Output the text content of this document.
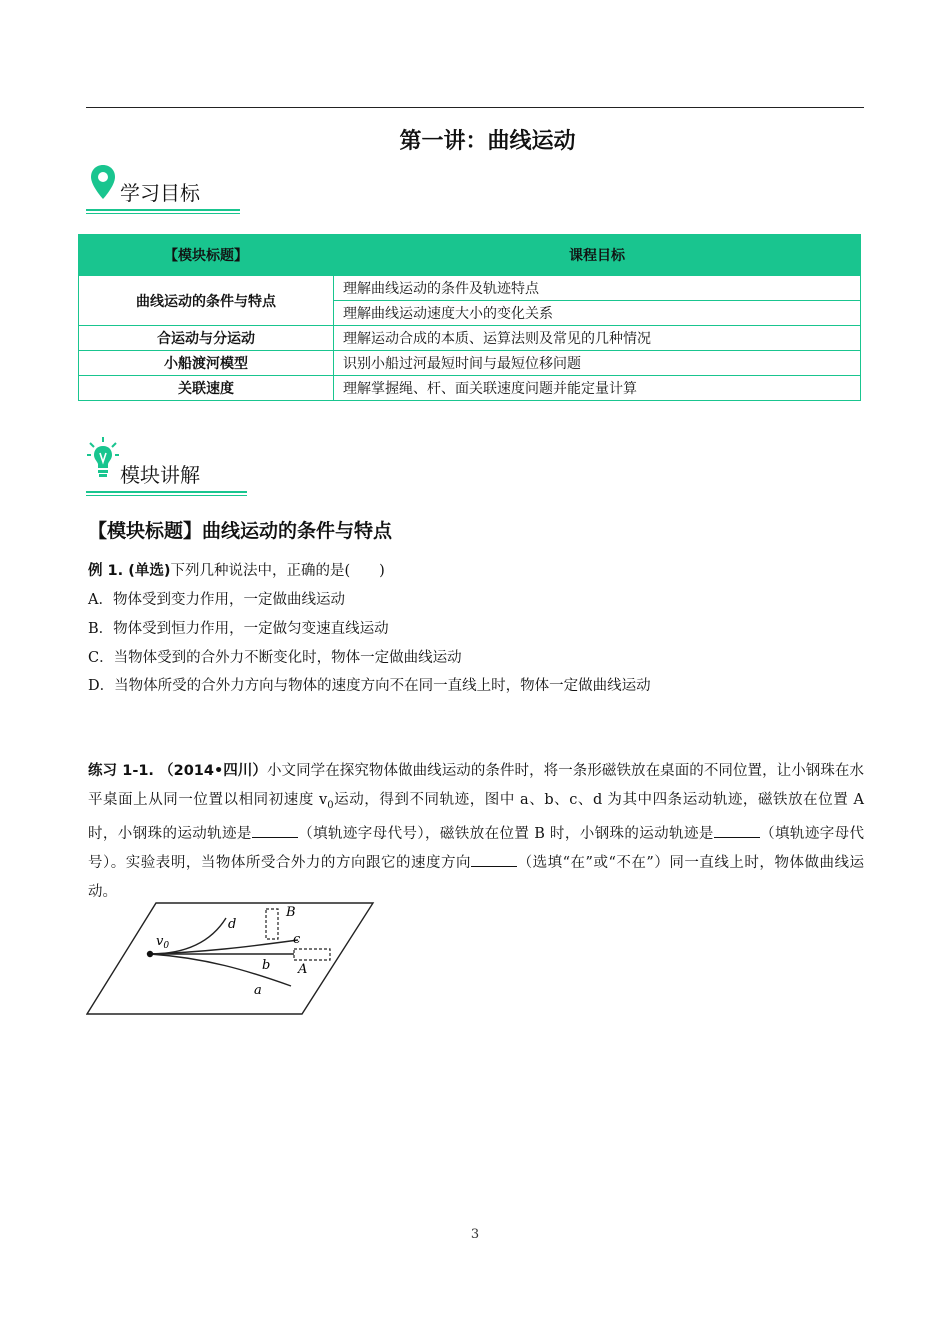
第一讲：曲线运动
学习目标
【模块标题】	课程目标
曲线运动的条件与特点	理解曲线运动的条件及轨迹特点
	理解曲线运动速度大小的变化关系
合运动与分运动	理解运动合成的本质、运算法则及常见的几种情况
小船渡河模型	识别小船过河最短时间与最短位移问题
关联速度	理解掌握绳、杆、面关联速度问题并能定量计算
模块讲解
【模块标题】曲线运动的条件与特点
例 1. (单选)下列几种说法中，正确的是(　　)
A．物体受到变力作用，一定做曲线运动
B．物体受到恒力作用，一定做匀变速直线运动
C．当物体受到的合外力不断变化时，物体一定做曲线运动
D．当物体所受的合外力方向与物体的速度方向不在同一直线上时，物体一定做曲线运动
练习 1-1. （2014•四川）小文同学在探究物体做曲线运动的条件时，将一条形磁铁放在桌面的不同位置，让小钢珠在水平桌面上从同一位置以相同初速度 $v_0$运动，得到不同轨迹，图中 a、b、c、d 为其中四条运动轨迹，磁铁放在位置 A 时，小钢珠的运动轨迹是	（填轨迹字母代号），磁铁放在位置 B 时，小钢珠的运动轨迹是	（填轨迹字母代号）。实验表明，当物体所受合外力的方向跟它的速度方向	（选填“在”或“不在”）同一直线上时，物体做曲线运动。
$v_0$
d
B
c
b A
a
3
